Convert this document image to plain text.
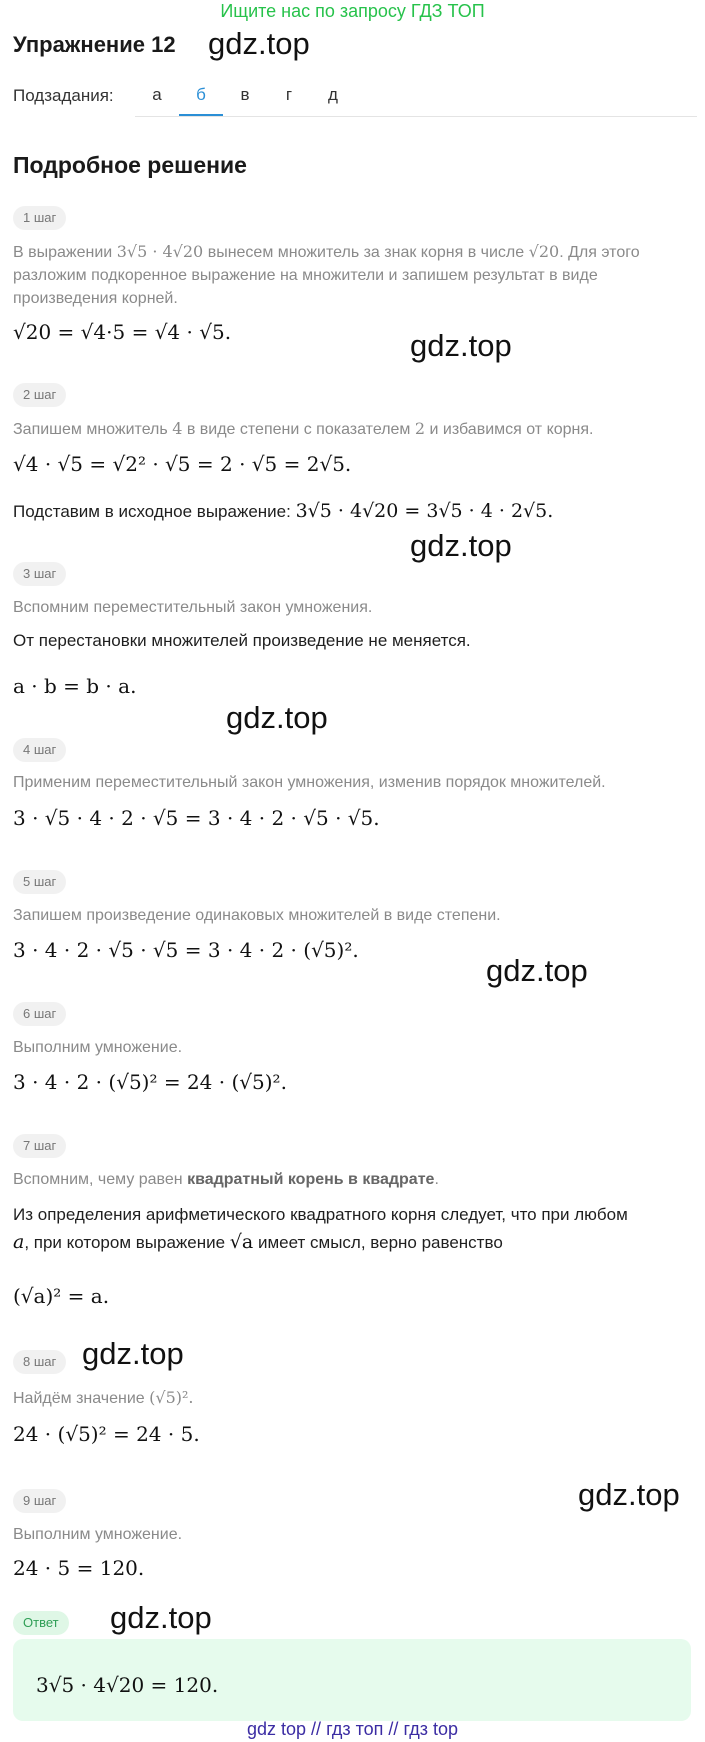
Ищите нас по запросу ГДЗ ТОП
Упражнение 12 gdz.top
Подзадания:	а	б	в	г	д
Подробное решение
1 шаг
В выражении 3√5 · 4√20 вынесем множитель за знак корня в числе √20. Для этого
разложим подкоренное выражение на множители и запишем результат в виде
произведения корней.
√20 = √4·5 = √4 · √5.	gdz.top
2 шаг
Запишем множитель 4 в виде степени с показателем 2 и избавимся от корня.
√4 · √5 = √2² · √5 = 2 · √5 = 2√5.
Подставим в исходное выражение: 3√5 · 4√20 = 3√5 · 4 · 2√5.
gdz.top
3 шаг
Вспомним переместительный закон умножения.
От перестановки множителей произведение не меняется.
a · b = b · a.
gdz.top
4 шаг
Применим переместительный закон умножения, изменив порядок множителей.
3 · √5 · 4 · 2 · √5 = 3 · 4 · 2 · √5 · √5.
5 шаг
Запишем произведение одинаковых множителей в виде степени.
3 · 4 · 2 · √5 · √5 = 3 · 4 · 2 · (√5)².
gdz.top
6 шаг
Выполним умножение.
3 · 4 · 2 · (√5)² = 24 · (√5)².
7 шаг
Вспомним, чему равен квадратный корень в квадрате.
Из определения арифметического квадратного корня следует, что при любом
a, при котором выражение √a имеет смысл, верно равенство
(√a)² = a.
8 шаг gdz.top
Найдём значение (√5)².
24 · (√5)² = 24 · 5.
9 шаг	gdz.top
Выполним умножение.
24 · 5 = 120.
Ответ	gdz.top
3√5 · 4√20 = 120.
gdz top // гдз топ // гдз top
